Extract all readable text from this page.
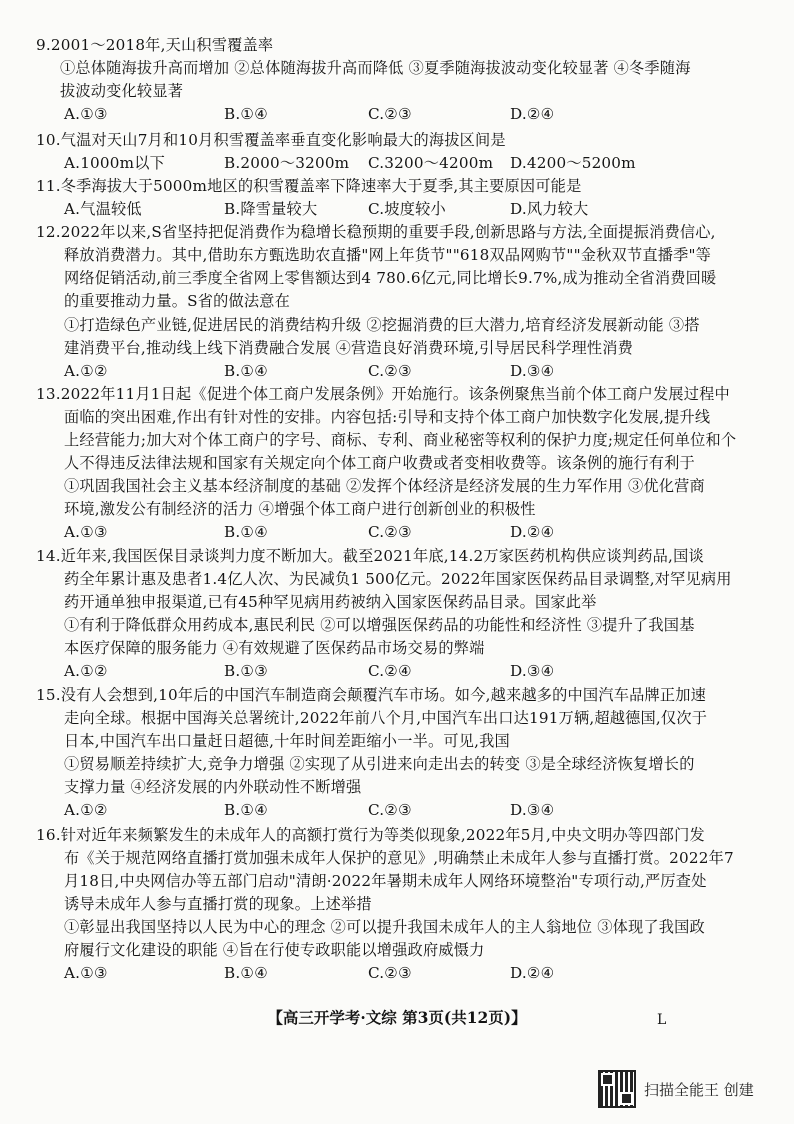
9.2001～2018年,天山积雪覆盖率
①总体随海拔升高而增加 ②总体随海拔升高而降低 ③夏季随海拔波动变化较显著 ④冬季随海
拔波动变化较显著
A.①③	B.①④	C.②③	D.②④
10.气温对天山7月和10月积雪覆盖率垂直变化影响最大的海拔区间是
A.1000m以下	B.2000～3200m C.3200～4200m D.4200～5200m
11.冬季海拔大于5000m地区的积雪覆盖率下降速率大于夏季,其主要原因可能是
A.气温较低	B.降雪量较大	C.坡度较小	D.风力较大
12.2022年以来,S省坚持把促消费作为稳增长稳预期的重要手段,创新思路与方法,全面提振消费信心,
释放消费潜力。其中,借助东方甄选助农直播"网上年货节""618双品网购节""金秋双节直播季"等
网络促销活动,前三季度全省网上零售额达到4 780.6亿元,同比增长9.7%,成为推动全省消费回暖
的重要推动力量。S省的做法意在
①打造绿色产业链,促进居民的消费结构升级 ②挖掘消费的巨大潜力,培育经济发展新动能 ③搭
建消费平台,推动线上线下消费融合发展 ④营造良好消费环境,引导居民科学理性消费
A.①②	B.①④	C.②③	D.③④
13.2022年11月1日起《促进个体工商户发展条例》开始施行。该条例聚焦当前个体工商户发展过程中
面临的突出困难,作出有针对性的安排。内容包括:引导和支持个体工商户加快数字化发展,提升线
上经营能力;加大对个体工商户的字号、商标、专利、商业秘密等权利的保护力度;规定任何单位和个
人不得违反法律法规和国家有关规定向个体工商户收费或者变相收费等。该条例的施行有利于
①巩固我国社会主义基本经济制度的基础 ②发挥个体经济是经济发展的生力军作用 ③优化营商
环境,激发公有制经济的活力 ④增强个体工商户进行创新创业的积极性
A.①③	B.①④	C.②③	D.②④
14.近年来,我国医保目录谈判力度不断加大。截至2021年底,14.2万家医药机构供应谈判药品,国谈
药全年累计惠及患者1.4亿人次、为民减负1 500亿元。2022年国家医保药品目录调整,对罕见病用
药开通单独申报渠道,已有45种罕见病用药被纳入国家医保药品目录。国家此举
①有利于降低群众用药成本,惠民利民 ②可以增强医保药品的功能性和经济性 ③提升了我国基
本医疗保障的服务能力 ④有效规避了医保药品市场交易的弊端
A.①②	B.①③	C.②④	D.③④
15.没有人会想到,10年后的中国汽车制造商会颠覆汽车市场。如今,越来越多的中国汽车品牌正加速
走向全球。根据中国海关总署统计,2022年前八个月,中国汽车出口达191万辆,超越德国,仅次于
日本,中国汽车出口量赶日超德,十年时间差距缩小一半。可见,我国
①贸易顺差持续扩大,竞争力增强 ②实现了从引进来向走出去的转变 ③是全球经济恢复增长的
支撑力量 ④经济发展的内外联动性不断增强
A.①②	B.①④	C.②③	D.③④
16.针对近年来频繁发生的未成年人的高额打赏行为等类似现象,2022年5月,中央文明办等四部门发
布《关于规范网络直播打赏加强未成年人保护的意见》,明确禁止未成年人参与直播打赏。2022年7
月18日,中央网信办等五部门启动"清朗·2022年暑期未成年人网络环境整治"专项行动,严厉查处
诱导未成年人参与直播打赏的现象。上述举措
①彰显出我国坚持以人民为中心的理念 ②可以提升我国未成年人的主人翁地位 ③体现了我国政
府履行文化建设的职能 ④旨在行使专政职能以增强政府威慑力
A.①③	B.①④	C.②③	D.②④
【高三开学考·文综 第3页(共12页)】	L
扫描全能王 创建
